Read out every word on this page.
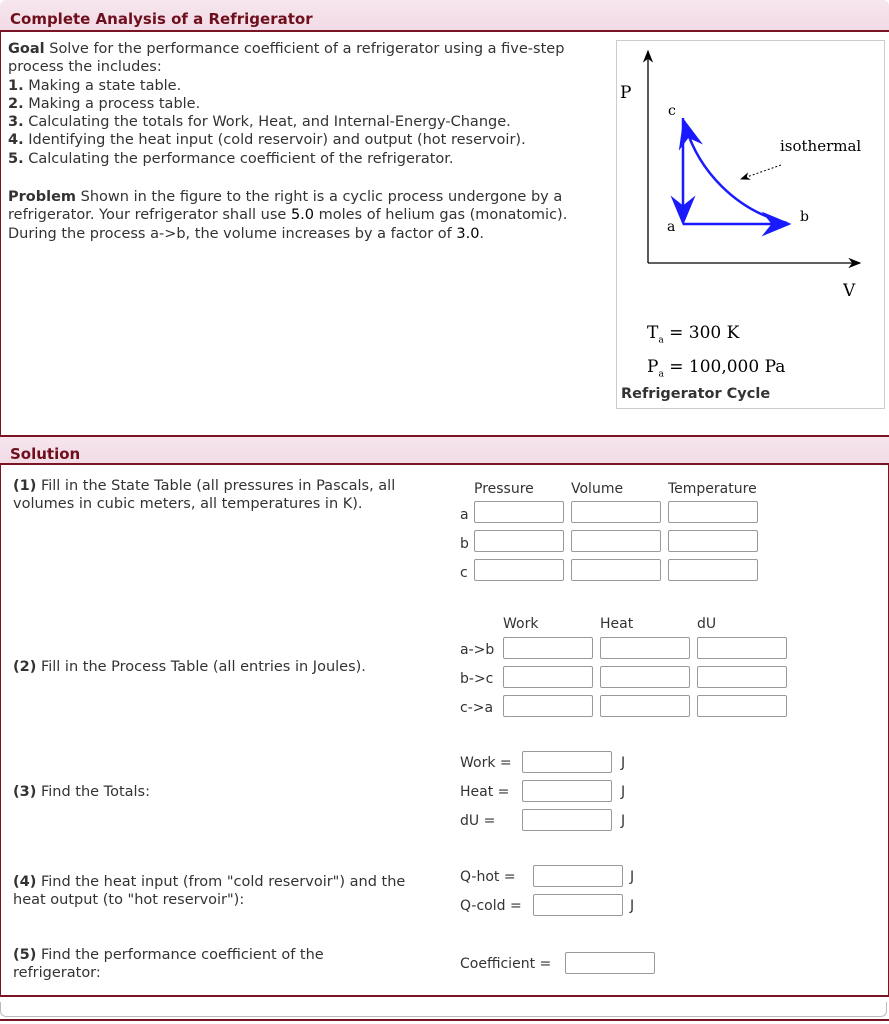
Complete Analysis of a Refrigerator
Goal Solve for the performance coefficient of a refrigerator using a five-step process the includes:
1. Making a state table.
2. Making a process table.
3. Calculating the totals for Work, Heat, and Internal-Energy-Change.
4. Identifying the heat input (cold reservoir) and output (hot reservoir).
5. Calculating the performance coefficient of the refrigerator.
Problem Shown in the figure to the right is a cyclic process undergone by a refrigerator. Your refrigerator shall use 5.0 moles of helium gas (monatomic). During the process a->b, the volume increases by a factor of 3.0.
P
V
c
a
b
isothermal
$T_a = 300$ K
$P_a = 100,000$ Pa
Refrigerator Cycle
Solution
(1) Fill in the State Table (all pressures in Pascals, all volumes in cubic meters, all temperatures in K).
Pressure	Volume	Temperature
a
b
c
(2) Fill in the Process Table (all entries in Joules).
Work	Heat	dU
a->b
b->c
c->a
(3) Find the Totals:
Work =	J
Heat =	J
dU =	J
(4) Find the heat input (from "cold reservoir") and the heat output (to "hot reservoir"):
Q-hot =	J
Q-cold =	J
(5) Find the performance coefficient of the refrigerator:
Coefficient =
